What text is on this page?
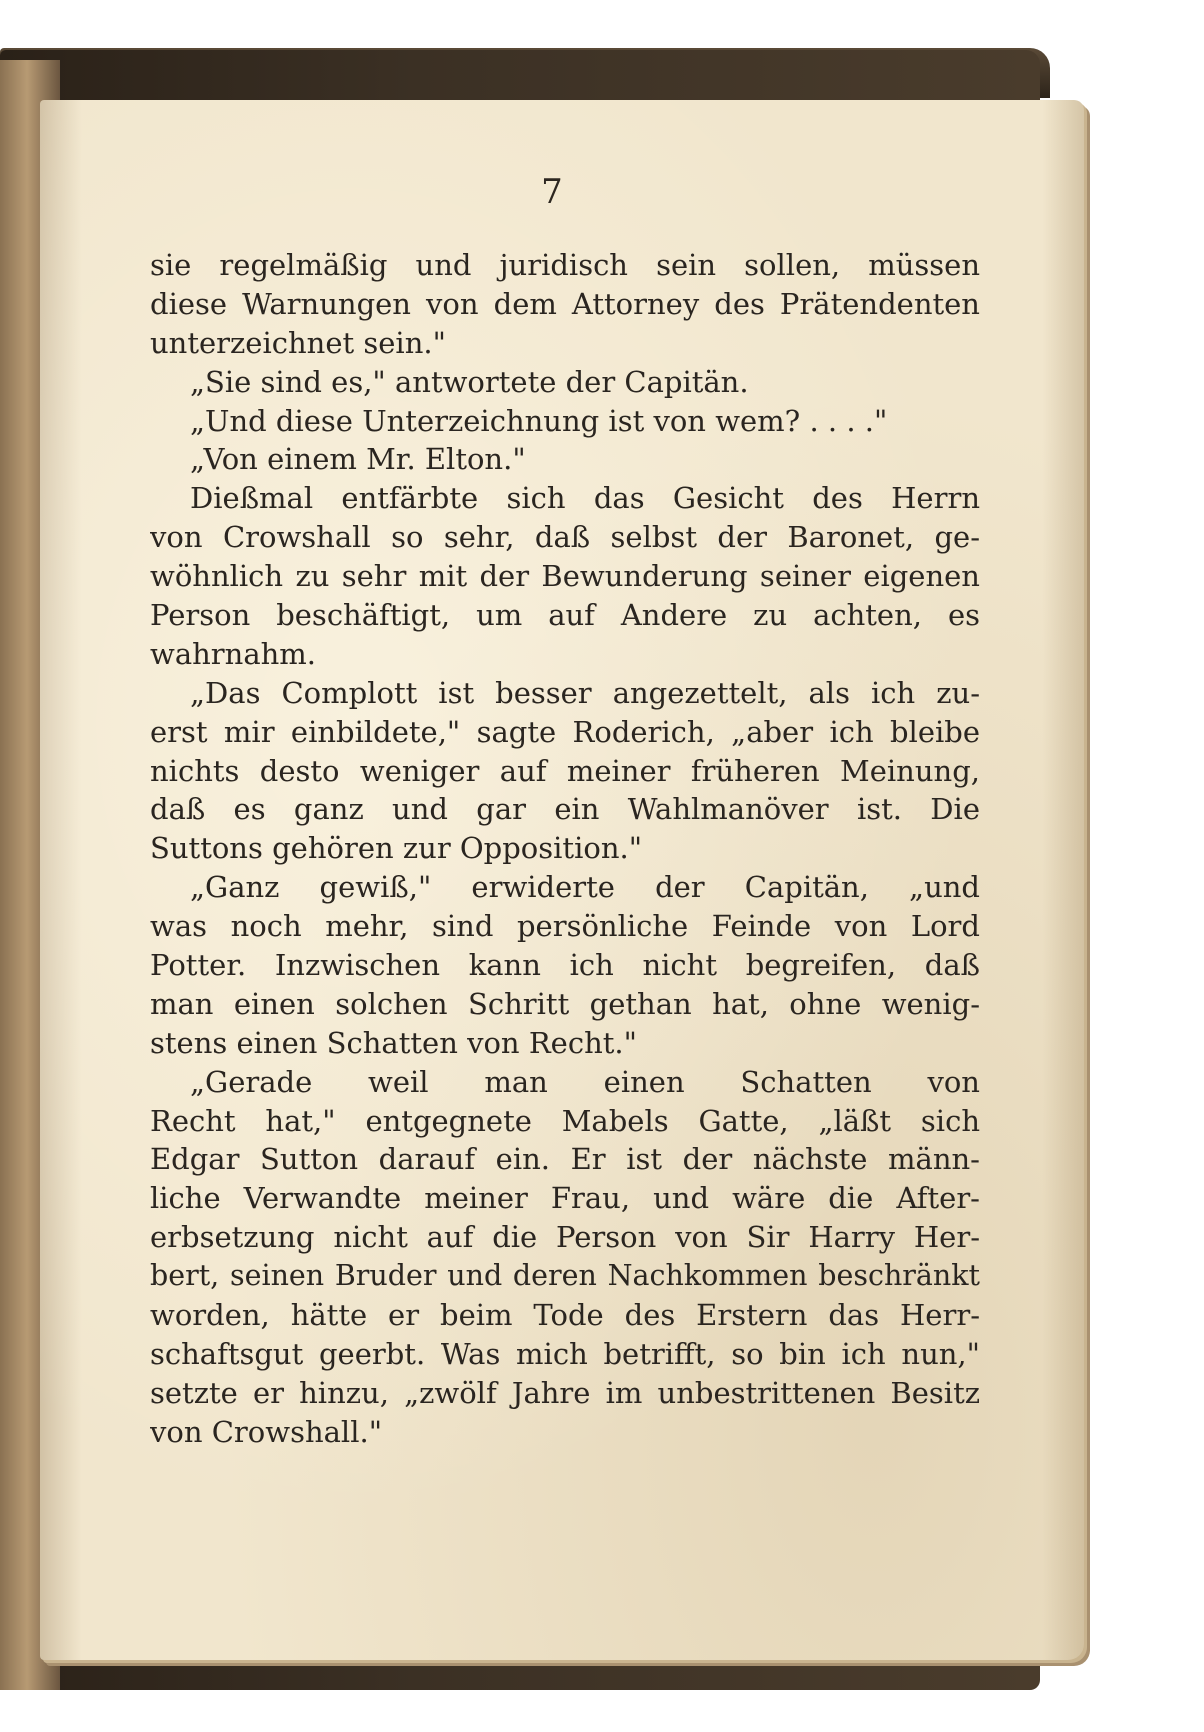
7
sie regelmäßig und juridisch sein sollen, müssen
diese Warnungen von dem Attorney des Prätendenten
unterzeichnet sein."
„Sie sind es," antwortete der Capitän.
„Und diese Unterzeichnung ist von wem? . . . ."
„Von einem Mr. Elton."
Dießmal entfärbte sich das Gesicht des Herrn
von Crowshall so sehr, daß selbst der Baronet, ge-
wöhnlich zu sehr mit der Bewunderung seiner eigenen
Person beschäftigt, um auf Andere zu achten, es
wahrnahm.
„Das Complott ist besser angezettelt, als ich zu-
erst mir einbildete," sagte Roderich, „aber ich bleibe
nichts desto weniger auf meiner früheren Meinung,
daß es ganz und gar ein Wahlmanöver ist. Die
Suttons gehören zur Opposition."
„Ganz gewiß," erwiderte der Capitän, „und
was noch mehr, sind persönliche Feinde von Lord
Potter. Inzwischen kann ich nicht begreifen, daß
man einen solchen Schritt gethan hat, ohne wenig-
stens einen Schatten von Recht."
„Gerade weil man einen Schatten von
Recht hat," entgegnete Mabels Gatte, „läßt sich
Edgar Sutton darauf ein. Er ist der nächste männ-
liche Verwandte meiner Frau, und wäre die After-
erbsetzung nicht auf die Person von Sir Harry Her-
bert, seinen Bruder und deren Nachkommen beschränkt
worden, hätte er beim Tode des Erstern das Herr-
schaftsgut geerbt. Was mich betrifft, so bin ich nun,"
setzte er hinzu, „zwölf Jahre im unbestrittenen Besitz
von Crowshall."
